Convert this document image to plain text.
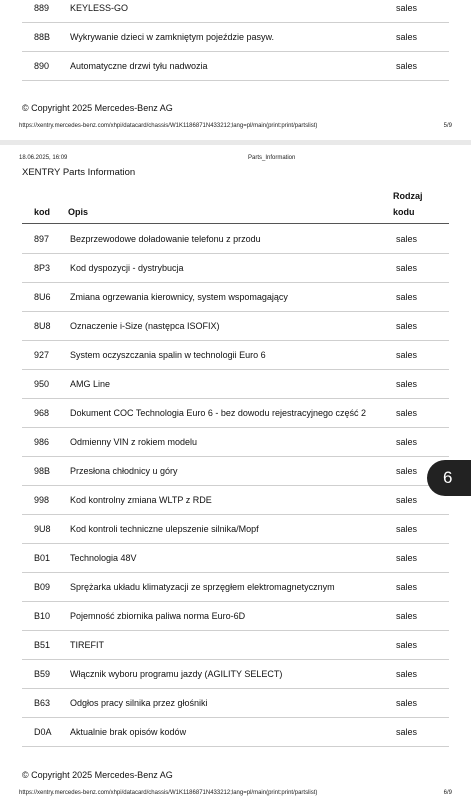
889 KEYLESS-GO	sales
88B Wykrywanie dzieci w zamkniętym pojeździe pasyw.	sales
890 Automatyczne drzwi tyłu nadwozia	sales
© Copyright 2025 Mercedes-Benz AG
https://xentry.mercedes-benz.com/xhpi/datacard/chassis/W1K1186871N433212;lang=pl/main(print:print/partslist)	5/9
18.06.2025, 16:09	Parts_Information
XENTRY Parts Information
kod Opis
Rodzaj
kodu
897 Bezprzewodowe doładowanie telefonu z przodu	sales
8P3 Kod dyspozycji - dystrybucja	sales
8U6 Zmiana ogrzewania kierownicy, system wspomagający	sales
8U8 Oznaczenie i-Size (następca ISOFIX)	sales
927 System oczyszczania spalin w technologii Euro 6	sales
950 AMG Line	sales
968 Dokument COC Technologia Euro 6 - bez dowodu rejestracyjnego część 2	sales
986 Odmienny VIN z rokiem modelu	sales
98B Przesłona chłodnicy u góry	sales
998 Kod kontrolny zmiana WLTP z RDE	sales
9U8 Kod kontroli techniczne ulepszenie silnika/Mopf	sales
B01 Technologia 48V	sales
B09 Sprężarka układu klimatyzacji ze sprzęgłem elektromagnetycznym	sales
B10 Pojemność zbiornika paliwa norma Euro-6D	sales
B51 TIREFIT	sales
B59 Włącznik wyboru programu jazdy (AGILITY SELECT)	sales
B63 Odgłos pracy silnika przez głośniki	sales
D0A Aktualnie brak opisów kodów	sales
© Copyright 2025 Mercedes-Benz AG
https://xentry.mercedes-benz.com/xhpi/datacard/chassis/W1K1186871N433212;lang=pl/main(print:print/partslist)	6/9
6
